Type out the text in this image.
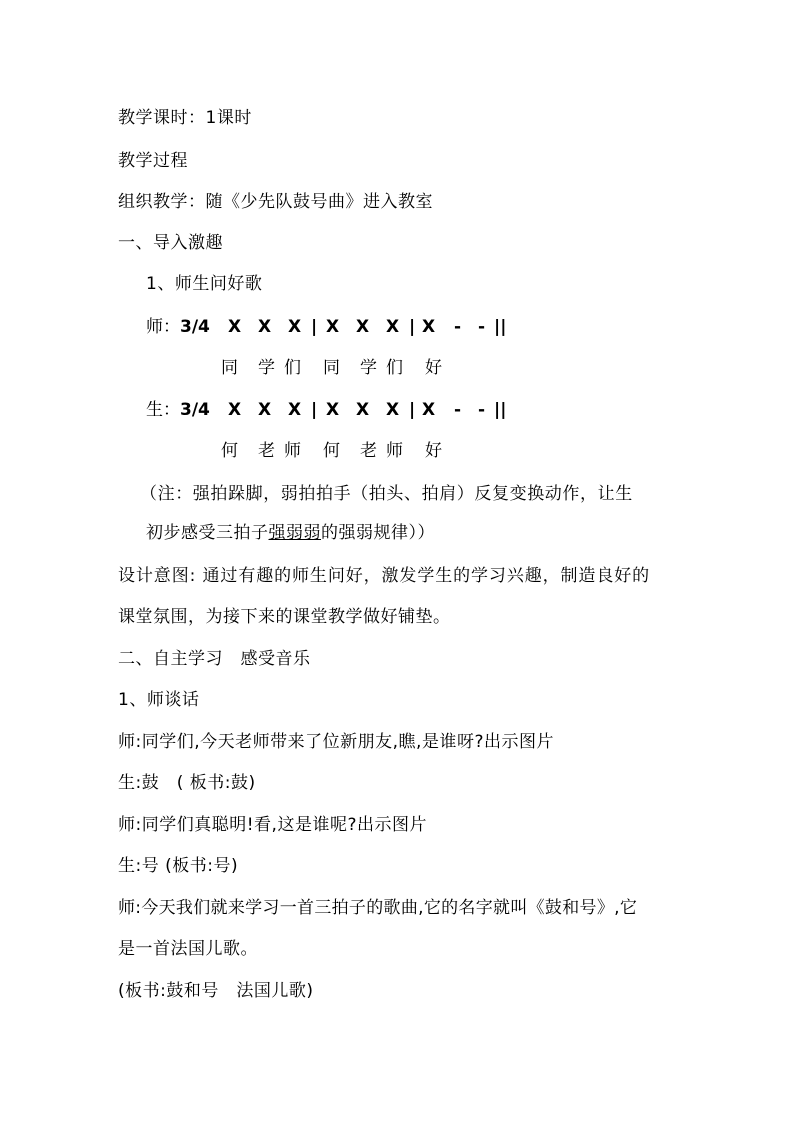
教学课时：1课时
教学过程
组织教学：随《少先队鼓号曲》进入教室
一、导入激趣
1、师生问好歌
师： 3/4 X X X | X X X | X - - ||
同 学 们 同 学 们 好
生： 3/4 X X X | X X X | X - - ||
何 老 师 何 老 师 好
（注：强拍跺脚，弱拍拍手（拍头、拍肩）反复变换动作，让生
初步感受三拍子强弱弱的强弱规律））
设计意图: 通过有趣的师生问好，激发学生的学习兴趣，制造良好的
课堂氛围，为接下来的课堂教学做好铺垫。
二、自主学习　感受音乐
1、师谈话
师:同学们,今天老师带来了位新朋友,瞧,是谁呀?出示图片
生:鼓　( 板书:鼓)
师:同学们真聪明!看,这是谁呢?出示图片
生:号 (板书:号)
师:今天我们就来学习一首三拍子的歌曲,它的名字就叫《鼓和号》,它
是一首法国儿歌。
(板书:鼓和号　法国儿歌)
